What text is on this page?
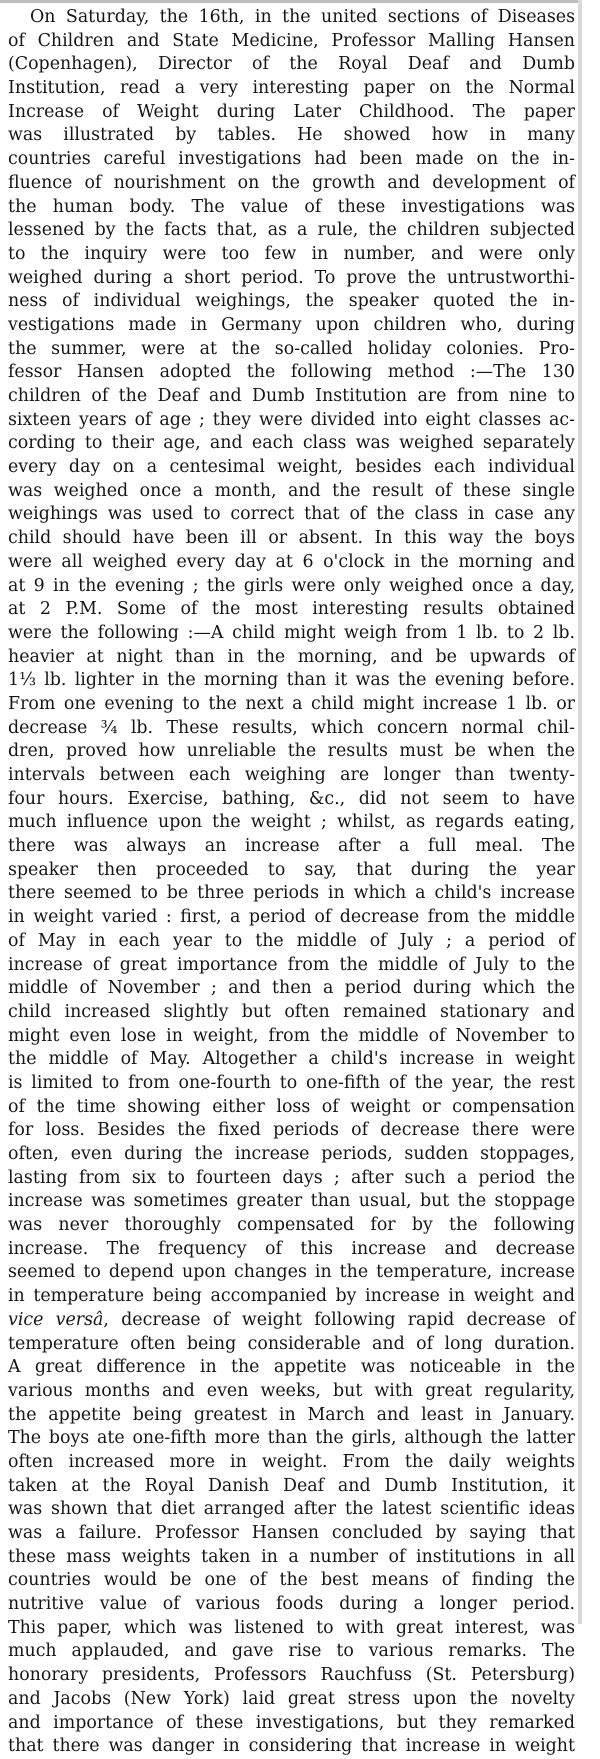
On Saturday, the 16th, in the united sections of Diseases
of Children and State Medicine, Professor Malling Hansen
(Copenhagen), Director of the Royal Deaf and Dumb
Institution, read a very interesting paper on the Normal
Increase of Weight during Later Childhood. The paper
was illustrated by tables. He showed how in many
countries careful investigations had been made on the in-
fluence of nourishment on the growth and development of
the human body. The value of these investigations was
lessened by the facts that, as a rule, the children subjected
to the inquiry were too few in number, and were only
weighed during a short period. To prove the untrustworthi-
ness of individual weighings, the speaker quoted the in-
vestigations made in Germany upon children who, during
the summer, were at the so-called holiday colonies. Pro-
fessor Hansen adopted the following method :—The 130
children of the Deaf and Dumb Institution are from nine to
sixteen years of age ; they were divided into eight classes ac-
cording to their age, and each class was weighed separately
every day on a centesimal weight, besides each individual
was weighed once a month, and the result of these single
weighings was used to correct that of the class in case any
child should have been ill or absent. In this way the boys
were all weighed every day at 6 o'clock in the morning and
at 9 in the evening ; the girls were only weighed once a day,
at 2 P.M. Some of the most interesting results obtained
were the following :—A child might weigh from 1 lb. to 2 lb.
heavier at night than in the morning, and be upwards of
1⅓ lb. lighter in the morning than it was the evening before.
From one evening to the next a child might increase 1 lb. or
decrease ¾ lb. These results, which concern normal chil-
dren, proved how unreliable the results must be when the
intervals between each weighing are longer than twenty-
four hours. Exercise, bathing, &c., did not seem to have
much influence upon the weight ; whilst, as regards eating,
there was always an increase after a full meal. The
speaker then proceeded to say, that during the year
there seemed to be three periods in which a child's increase
in weight varied : first, a period of decrease from the middle
of May in each year to the middle of July ; a period of
increase of great importance from the middle of July to the
middle of November ; and then a period during which the
child increased slightly but often remained stationary and
might even lose in weight, from the middle of November to
the middle of May. Altogether a child's increase in weight
is limited to from one-fourth to one-fifth of the year, the rest
of the time showing either loss of weight or compensation
for loss. Besides the fixed periods of decrease there were
often, even during the increase periods, sudden stoppages,
lasting from six to fourteen days ; after such a period the
increase was sometimes greater than usual, but the stoppage
was never thoroughly compensated for by the following
increase. The frequency of this increase and decrease
seemed to depend upon changes in the temperature, increase
in temperature being accompanied by increase in weight and
vice versâ, decrease of weight following rapid decrease of
temperature often being considerable and of long duration.
A great difference in the appetite was noticeable in the
various months and even weeks, but with great regularity,
the appetite being greatest in March and least in January.
The boys ate one-fifth more than the girls, although the latter
often increased more in weight. From the daily weights
taken at the Royal Danish Deaf and Dumb Institution, it
was shown that diet arranged after the latest scientific ideas
was a failure. Professor Hansen concluded by saying that
these mass weights taken in a number of institutions in all
countries would be one of the best means of finding the
nutritive value of various foods during a longer period.
This paper, which was listened to with great interest, was
much applauded, and gave rise to various remarks. The
honorary presidents, Professors Rauchfuss (St. Petersburg)
and Jacobs (New York) laid great stress upon the novelty
and importance of these investigations, but they remarked
that there was danger in considering that increase in weight
